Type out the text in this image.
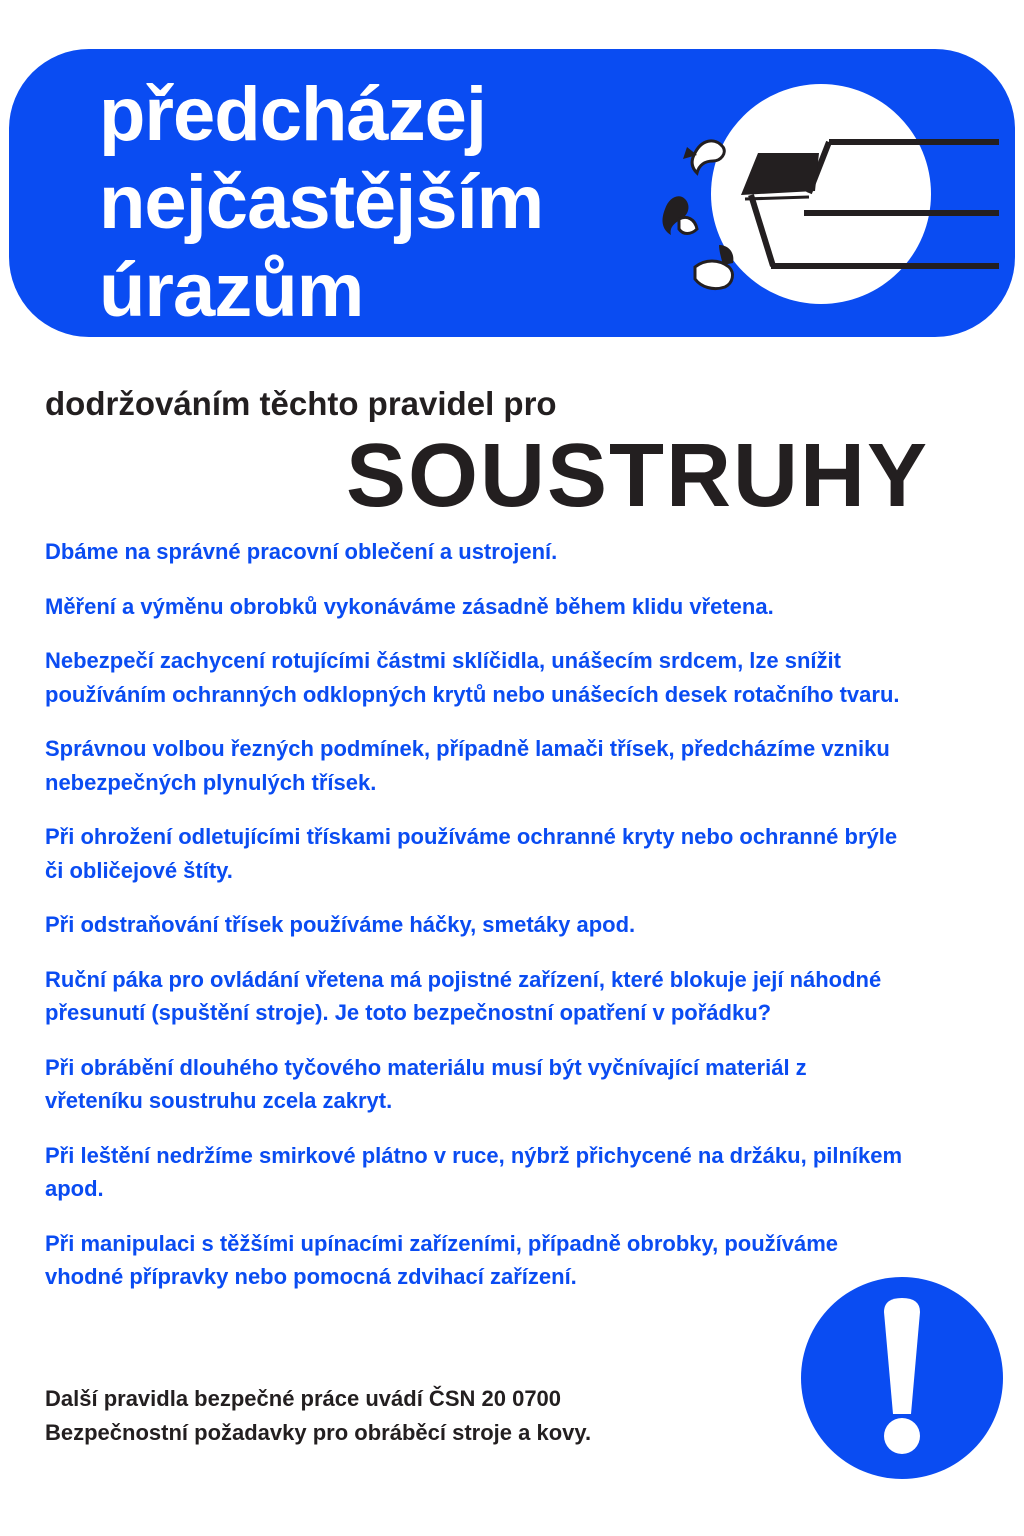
předcházej
nejčastějším
úrazům
dodržováním těchto pravidel pro
SOUSTRUHY
Dbáme na správné pracovní oblečení a ustrojení.
Měření a výměnu obrobků vykonáváme zásadně během klidu vřetena.
Nebezpečí zachycení rotujícími částmi sklíčidla, unášecím srdcem, lze snížit používáním ochranných odklopných krytů nebo unášecích desek rotačního tvaru.
Správnou volbou řezných podmínek, případně lamači třísek, předcházíme vzniku nebezpečných plynulých třísek.
Při ohrožení odletujícími třískami používáme ochranné kryty nebo ochranné brýle či obličejové štíty.
Při odstraňování třísek používáme háčky, smetáky apod.
Ruční páka pro ovládání vřetena má pojistné zařízení, které blokuje její náhodné přesunutí (spuštění stroje). Je toto bezpečnostní opatření v pořádku?
Při obrábění dlouhého tyčového materiálu musí být vyčnívající materiál z vřeteníku soustruhu zcela zakryt.
Při leštění nedržíme smirkové plátno v ruce, nýbrž přichycené na držáku, pilníkem apod.
Při manipulaci s těžšími upínacími zařízeními, případně obrobky, používáme vhodné přípravky nebo pomocná zdvihací zařízení.

Další pravidla bezpečné práce uvádí ČSN 20 0700
Bezpečnostní požadavky pro obráběcí stroje a kovy.
